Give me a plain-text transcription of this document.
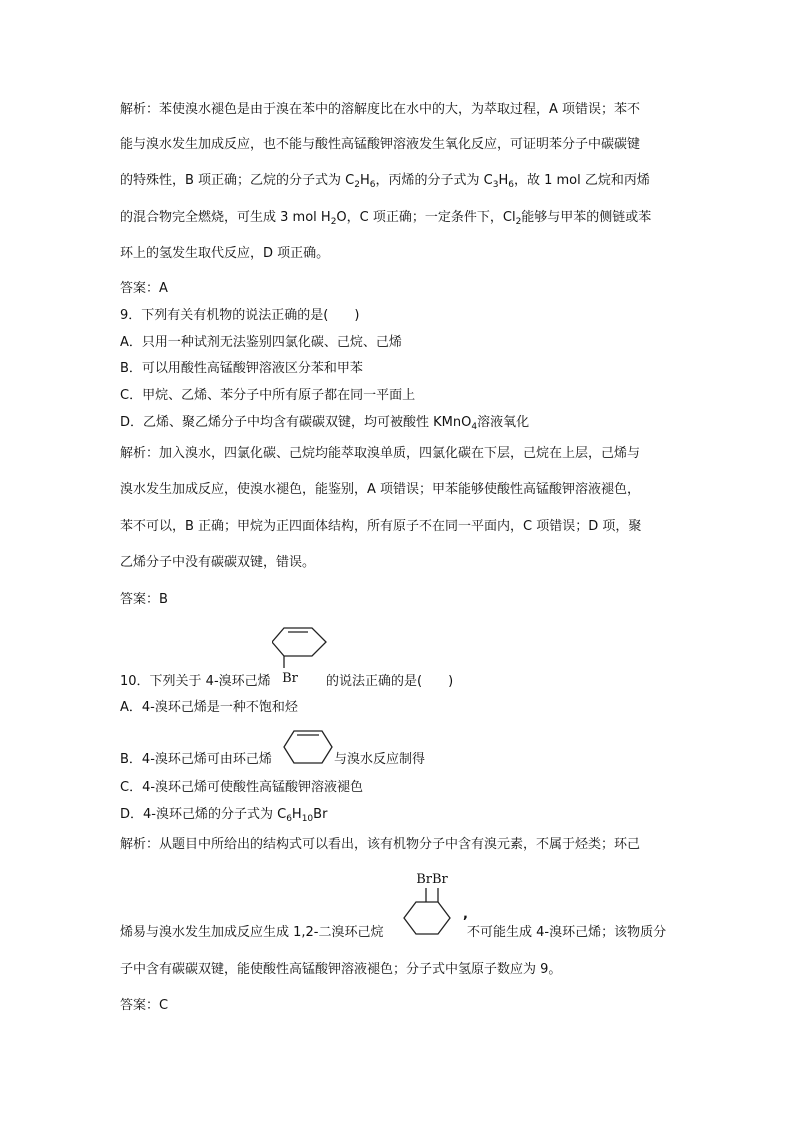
解析：苯使溴水褪色是由于溴在苯中的溶解度比在水中的大，为萃取过程，A 项错误；苯不
能与溴水发生加成反应，也不能与酸性高锰酸钾溶液发生氧化反应，可证明苯分子中碳碳键
的特殊性，B 项正确；乙烷的分子式为 $C_2H_6$，丙烯的分子式为 $C_3H_6$，故 1 mol 乙烷和丙烯
的混合物完全燃烧，可生成 3 mol $H_2O$，C 项正确；一定条件下，$Cl_2$能够与甲苯的侧链或苯
环上的氢发生取代反应，D 项正确。
答案：A
9．下列有关有机物的说法正确的是(　　)
A．只用一种试剂无法鉴别四氯化碳、己烷、己烯
B．可以用酸性高锰酸钾溶液区分苯和甲苯
C．甲烷、乙烯、苯分子中所有原子都在同一平面上
D．乙烯、聚乙烯分子中均含有碳碳双键，均可被酸性 KMnO$_4$溶液氧化
解析：加入溴水，四氯化碳、己烷均能萃取溴单质，四氯化碳在下层，己烷在上层，己烯与
溴水发生加成反应，使溴水褪色，能鉴别，A 项错误；甲苯能够使酸性高锰酸钾溶液褪色，
苯不可以，B 正确；甲烷为正四面体结构，所有原子不在同一平面内，C 项错误；D 项，聚
乙烯分子中没有碳碳双键，错误。
答案：B
10．下列关于 4-溴环己烯 Br 的说法正确的是(　　)
A．4-溴环己烯是一种不饱和烃
B．4-溴环己烯可由环己烯	与溴水反应制得
C．4-溴环己烯可使酸性高锰酸钾溶液褪色
D．4-溴环己烯的分子式为 $C_6H_{10}Br$
解析：从题目中所给出的结构式可以看出，该有机物分子中含有溴元素，不属于烃类；环己
BrBr
烯易与溴水发生加成反应生成 1,2-二溴环己烷
,
不可能生成 4-溴环己烯；该物质分
子中含有碳碳双键，能使酸性高锰酸钾溶液褪色；分子式中氢原子数应为 9。
答案：C
